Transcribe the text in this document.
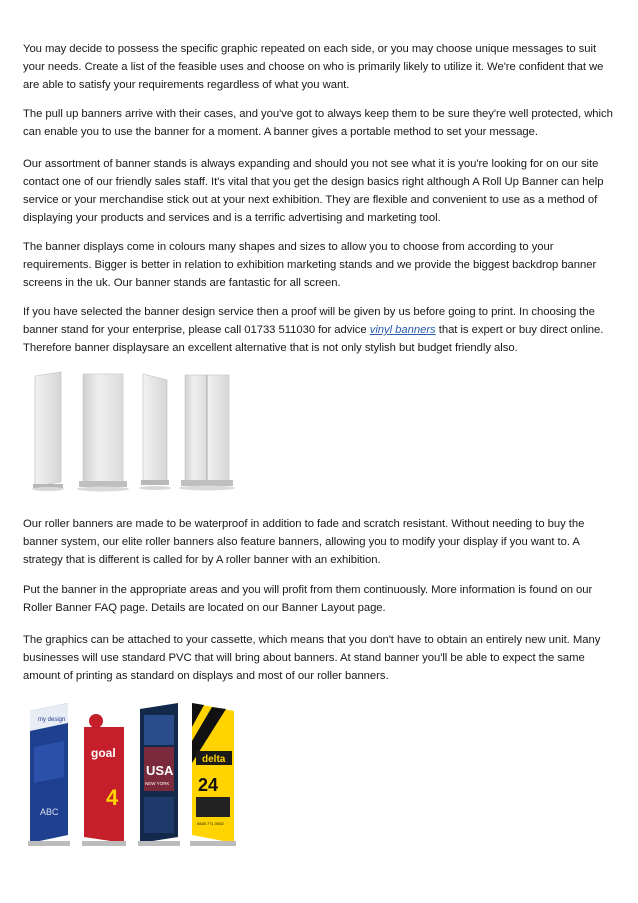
You may decide to possess the specific graphic repeated on each side, or you may choose unique messages to suit your needs. Create a list of the feasible uses and choose on who is primarily likely to utilize it. We're confident that we are able to satisfy your requirements regardless of what you want.

The pull up banners arrive with their cases, and you've got to always keep them to be sure they're well protected, which can enable you to use the banner for a moment. A banner gives a portable method to set your message.

Our assortment of banner stands is always expanding and should you not see what it is you're looking for on our site contact one of our friendly sales staff. It's vital that you get the design basics right although A Roll Up Banner can help service or your merchandise stick out at your next exhibition. They are flexible and convenient to use as a method of displaying your products and services and is a terrific advertising and marketing tool.

The banner displays come in colours many shapes and sizes to allow you to choose from according to your requirements. Bigger is better in relation to exhibition marketing stands and we provide the biggest backdrop banner screens in the uk. Our banner stands are fantastic for all screen.

If you have selected the banner design service then a proof will be given by us before going to print. In choosing the banner stand for your enterprise, please call 01733 511030 for advice vinyl banners that is expert or buy direct online. Therefore banner displaysare an excellent alternative that is not only stylish but budget friendly also.

Our roller banners are made to be waterproof in addition to fade and scratch resistant. Without needing to buy the banner system, our elite roller banners also feature banners, allowing you to modify your display if you want to. A strategy that is different is called for by A roller banner with an exhibition.

Put the banner in the appropriate areas and you will profit from them continuously. More information is found on our Roller Banner FAQ page. Details are located on our Banner Layout page.

The graphics can be attached to your cassette, which means that you don't have to obtain an entirely new unit. Many businesses will use standard PVC that will bring about banners. At stand banner you'll be able to expect the same amount of printing as standard on displays and most of our roller banners.

my design
ABC
goal
4
USA
NEW YORK
delta
24
0845 771 0052
